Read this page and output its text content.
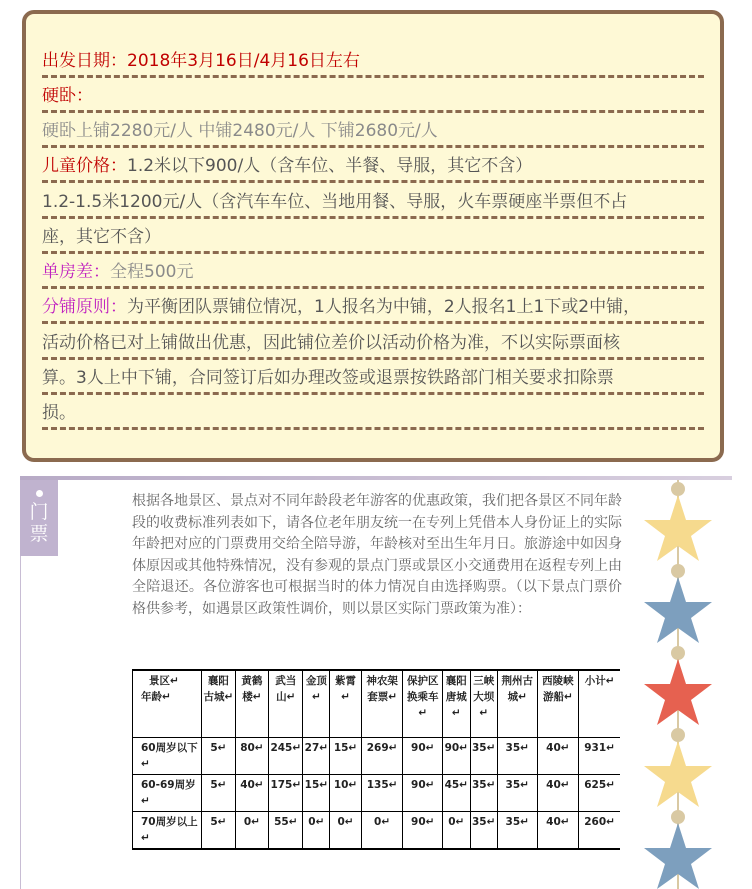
出发日期：2018年3月16日/4月16日左右
硬卧：
硬卧上铺2280元/人 中铺2480元/人 下铺2680元/人
儿童价格：1.2米以下900/人（含车位、半餐、导服，其它不含）
1.2-1.5米1200元/人（含汽车车位、当地用餐、导服，火车票硬座半票但不占
座，其它不含）
单房差：全程500元
分铺原则：为平衡团队票铺位情况，1人报名为中铺，2人报名1上1下或2中铺，
活动价格已对上铺做出优惠，因此铺位差价以活动价格为准，不以实际票面核
算。3人上中下铺，合同签订后如办理改签或退票按铁路部门相关要求扣除票
损。
门
票
根据各地景区、景点对不同年龄段老年游客的优惠政策，我们把各景区不同年龄段的收费标准列表如下，请各位老年朋友统一在专列上凭借本人身份证上的实际年龄把对应的门票费用交给全陪导游，年龄核对至出生年月日。旅游途中如因身体原因或其他特殊情况，没有参观的景点门票或景区小交通费用在返程专列上由全陪退还。各位游客也可根据当时的体力情况自由选择购票。（以下景点门票价格供参考，如遇景区政策性调价，则以景区实际门票政策为准）：
景区↵
年龄↵	襄阳古城↵	黄鹤楼↵	武当山↵	金顶↵	紫霄↵	神农架套票↵	保护区换乘车↵	襄阳唐城↵	三峡大坝↵	荆州古城↵	西陵峡游船↵	小计↵
60周岁以下↵	5↵	80↵	245↵	27↵	15↵	269↵	90↵	90↵	35↵	35↵	40↵	931↵
60-69周岁↵	5↵	40↵	175↵	15↵	10↵	135↵	90↵	45↵	35↵	35↵	40↵	625↵
70周岁以上↵	5↵	0↵	55↵	0↵	0↵	0↵	90↵	0↵	35↵	35↵	40↵	260↵
